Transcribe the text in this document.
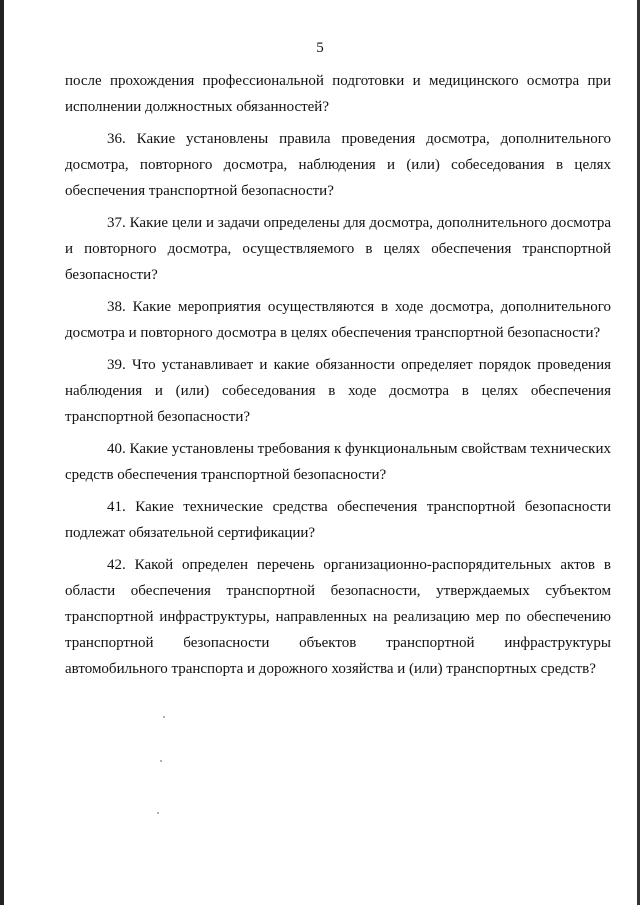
5

после прохождения профессиональной подготовки и медицинского осмотра при исполнении должностных обязанностей?

36. Какие установлены правила проведения досмотра, дополнительного досмотра, повторного досмотра, наблюдения и (или) собеседования в целях обеспечения транспортной безопасности?

37. Какие цели и задачи определены для досмотра, дополнительного досмотра и повторного досмотра, осуществляемого в целях обеспечения транспортной безопасности?

38. Какие мероприятия осуществляются в ходе досмотра, дополнительного досмотра и повторного досмотра в целях обеспечения транспортной безопасности?

39. Что устанавливает и какие обязанности определяет порядок проведения наблюдения и (или) собеседования в ходе досмотра в целях обеспечения транспортной безопасности?

40. Какие установлены требования к функциональным свойствам технических средств обеспечения транспортной безопасности?

41. Какие технические средства обеспечения транспортной безопасности подлежат обязательной сертификации?

42. Какой определен перечень организационно-распорядительных актов в области обеспечения транспортной безопасности, утверждаемых субъектом транспортной инфраструктуры, направленных на реализацию мер по обеспечению транспортной безопасности объектов транспортной инфраструктуры автомобильного транспорта и дорожного хозяйства и (или) транспортных средств?
